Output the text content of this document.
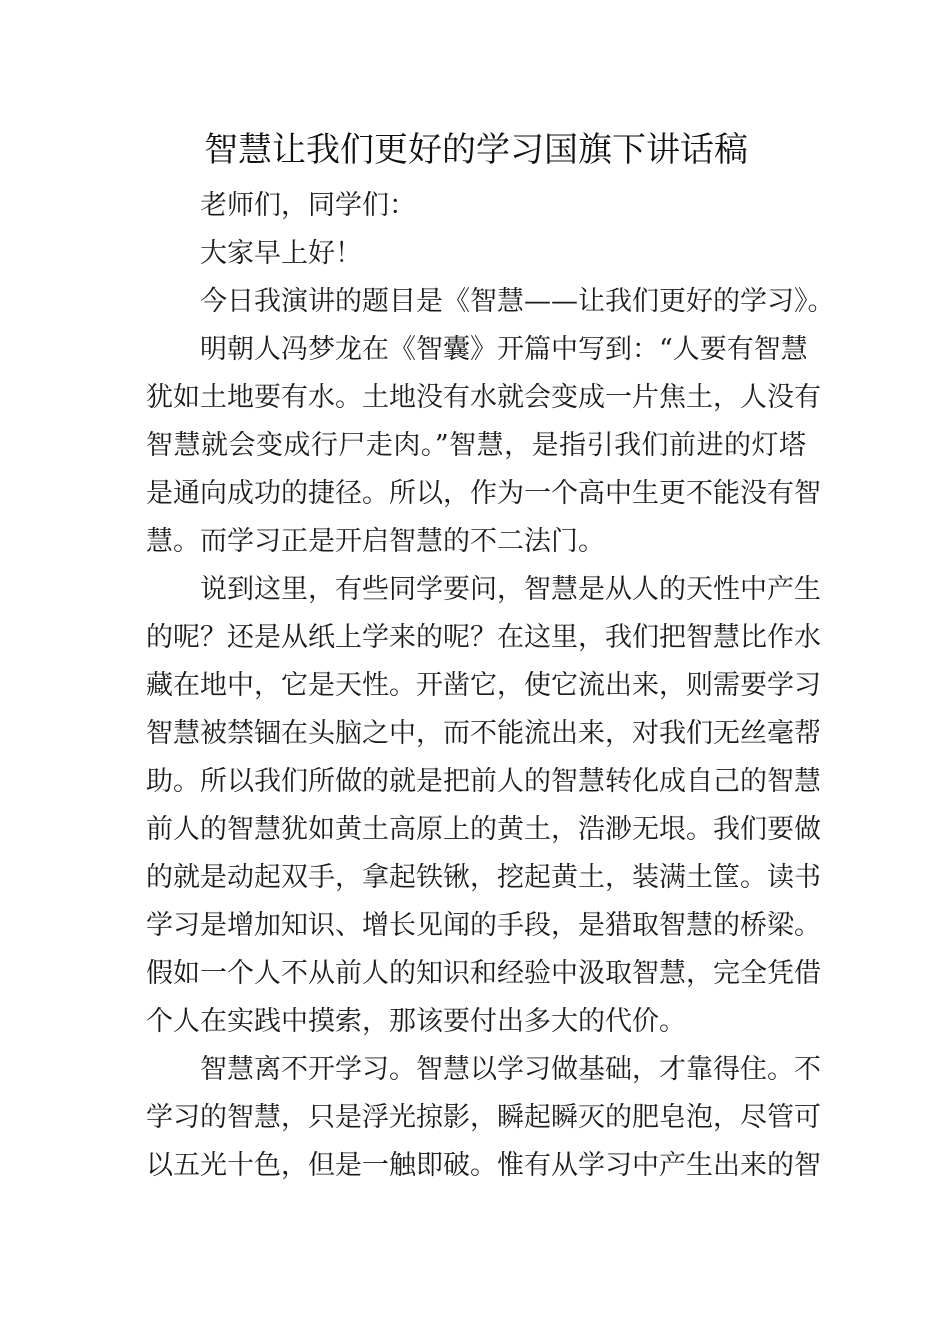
智慧让我们更好的学习国旗下讲话稿
老师们，同学们：
大家早上好！
今日我演讲的题目是《智慧——让我们更好的学习》。
明朝人冯梦龙在《智囊》开篇中写到：“人要有智慧
犹如土地要有水。土地没有水就会变成一片焦土，人没有
智慧就会变成行尸走肉。”智慧，是指引我们前进的灯塔
是通向成功的捷径。所以，作为一个高中生更不能没有智
慧。而学习正是开启智慧的不二法门。
说到这里，有些同学要问，智慧是从人的天性中产生
的呢？还是从纸上学来的呢？在这里，我们把智慧比作水
藏在地中，它是天性。开凿它，使它流出来，则需要学习
智慧被禁锢在头脑之中，而不能流出来，对我们无丝毫帮
助。所以我们所做的就是把前人的智慧转化成自己的智慧
前人的智慧犹如黄土高原上的黄土，浩渺无垠。我们要做
的就是动起双手，拿起铁锹，挖起黄土，装满土筐。读书
学习是增加知识、增长见闻的手段，是猎取智慧的桥梁。
假如一个人不从前人的知识和经验中汲取智慧，完全凭借
个人在实践中摸索，那该要付出多大的代价。
智慧离不开学习。智慧以学习做基础，才靠得住。不
学习的智慧，只是浮光掠影，瞬起瞬灭的肥皂泡，尽管可
以五光十色，但是一触即破。惟有从学习中产生出来的智
